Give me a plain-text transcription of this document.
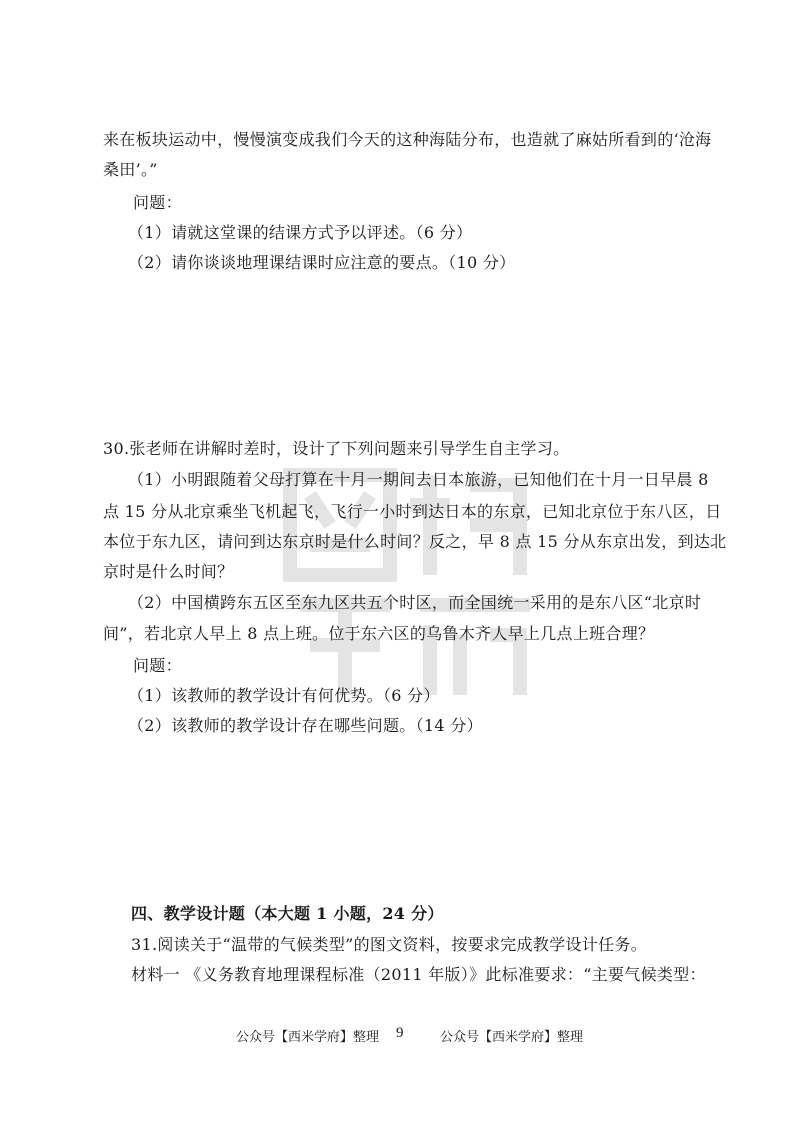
来在板块运动中，慢慢演变成我们今天的这种海陆分布，也造就了麻姑所看到的‘沧海
桑田’。”
问题：
（1）请就这堂课的结课方式予以评述。（6 分）
（2）请你谈谈地理课结课时应注意的要点。（10 分）
30.张老师在讲解时差时，设计了下列问题来引导学生自主学习。
（1）小明跟随着父母打算在十月一期间去日本旅游，已知他们在十月一日早晨 8
点 15 分从北京乘坐飞机起飞，飞行一小时到达日本的东京，已知北京位于东八区，日
本位于东九区，请问到达东京时是什么时间？反之，早 8 点 15 分从东京出发，到达北
京时是什么时间？
（2）中国横跨东五区至东九区共五个时区，而全国统一采用的是东八区“北京时
间”，若北京人早上 8 点上班。位于东六区的乌鲁木齐人早上几点上班合理？
问题：
（1）该教师的教学设计有何优势。（6 分）
（2）该教师的教学设计存在哪些问题。（14 分）
四、教学设计题（本大题 1 小题，24 分）
31.阅读关于“温带的气候类型”的图文资料，按要求完成教学设计任务。
材料一 《义务教育地理课程标准（2011 年版）》此标准要求：“主要气候类型：
公众号【西米学府】整理 9	公众号【西米学府】整理
